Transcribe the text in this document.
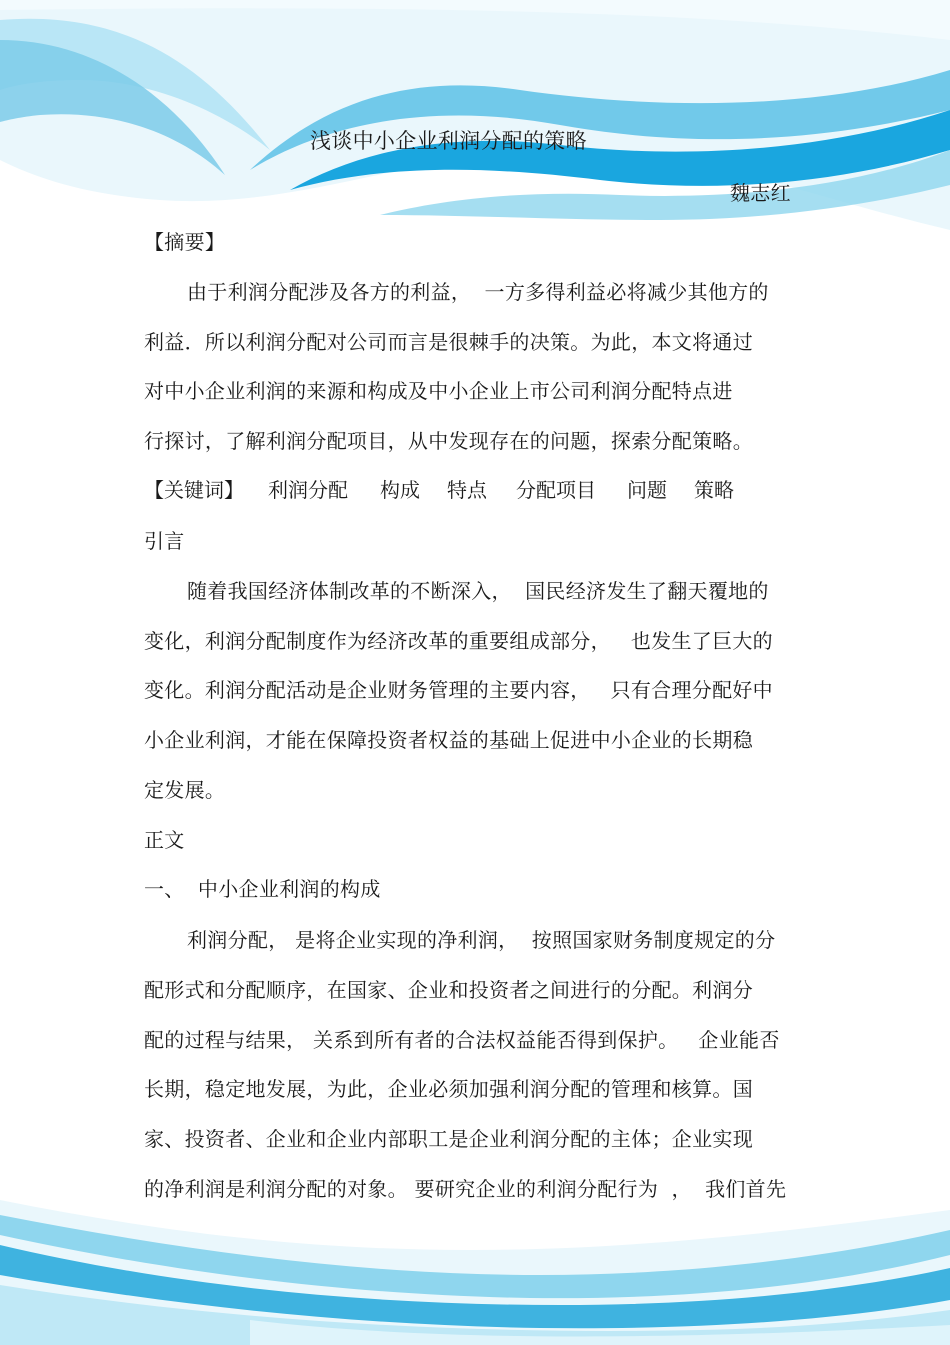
浅谈中小企业利润分配的策略
魏志红
【摘要】
由于利润分配涉及各方的利益，  一方多得利益必将减少其他方的
利益．所以利润分配对公司而言是很棘手的决策。为此，本文将通过
对中小企业利润的来源和构成及中小企业上市公司利润分配特点进
行探讨，了解利润分配项目，从中发现存在的问题，探索分配策略。
【关键词】 利润分配 构成 特点 分配项目 问题 策略
引言
随着我国经济体制改革的不断深入，  国民经济发生了翻天覆地的
变化，利润分配制度作为经济改革的重要组成部分，   也发生了巨大的
变化。利润分配活动是企业财务管理的主要内容，   只有合理分配好中
小企业利润，才能在保障投资者权益的基础上促进中小企业的长期稳
定发展。
正文
一、  中小企业利润的构成
利润分配， 是将企业实现的净利润，  按照国家财务制度规定的分
配形式和分配顺序，在国家、企业和投资者之间进行的分配。利润分
配的过程与结果， 关系到所有者的合法权益能否得到保护。   企业能否
长期，稳定地发展，为此，企业必须加强利润分配的管理和核算。国
家、投资者、企业和企业内部职工是企业利润分配的主体；企业实现
的净利润是利润分配的对象。 要研究企业的利润分配行为  ，  我们首先
